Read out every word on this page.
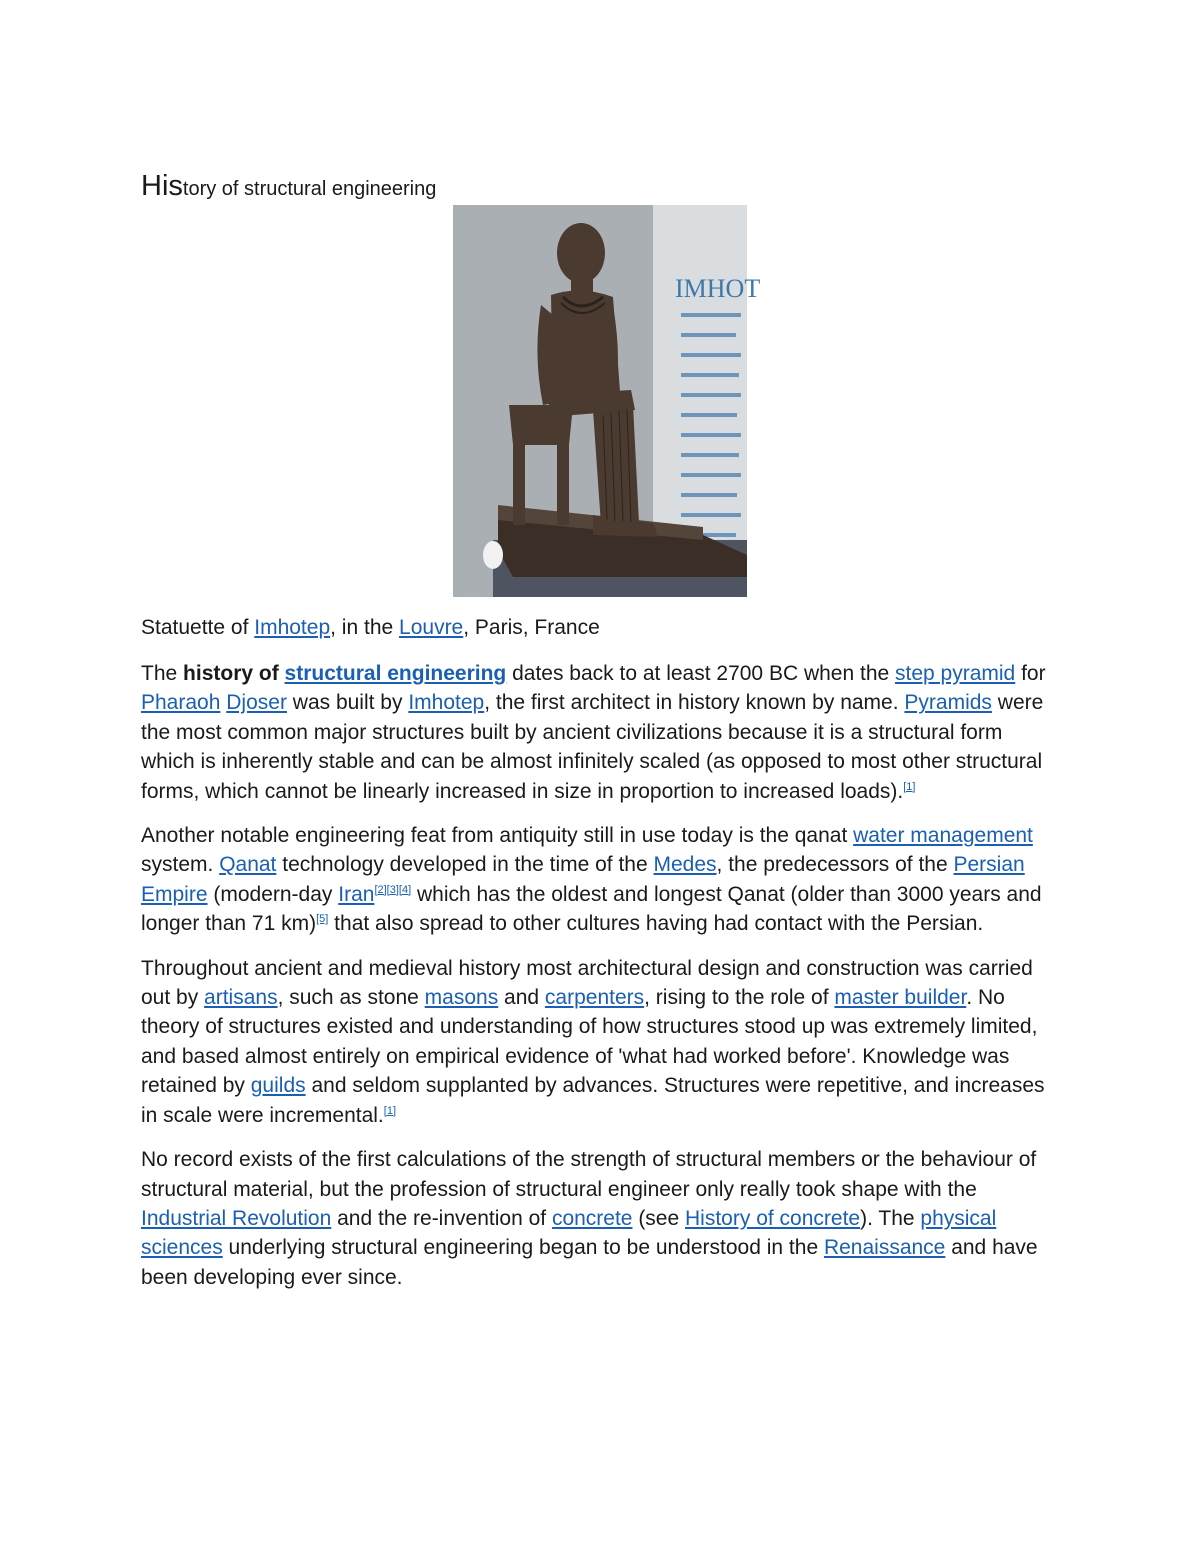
History of structural engineering
IMHOT

Statuette of Imhotep, in the Louvre, Paris, France

The history of structural engineering dates back to at least 2700 BC when the step pyramid for Pharaoh Djoser was built by Imhotep, the first architect in history known by name. Pyramids were the most common major structures built by ancient civilizations because it is a structural form which is inherently stable and can be almost infinitely scaled (as opposed to most other structural forms, which cannot be linearly increased in size in proportion to increased loads).[1]

Another notable engineering feat from antiquity still in use today is the qanat water management system. Qanat technology developed in the time of the Medes, the predecessors of the Persian Empire (modern-day Iran[2][3][4] which has the oldest and longest Qanat (older than 3000 years and longer than 71 km)[5] that also spread to other cultures having had contact with the Persian.

Throughout ancient and medieval history most architectural design and construction was carried out by artisans, such as stone masons and carpenters, rising to the role of master builder. No theory of structures existed and understanding of how structures stood up was extremely limited, and based almost entirely on empirical evidence of 'what had worked before'. Knowledge was retained by guilds and seldom supplanted by advances. Structures were repetitive, and increases in scale were incremental.[1]

No record exists of the first calculations of the strength of structural members or the behaviour of structural material, but the profession of structural engineer only really took shape with the Industrial Revolution and the re-invention of concrete (see History of concrete). The physical sciences underlying structural engineering began to be understood in the Renaissance and have been developing ever since.
